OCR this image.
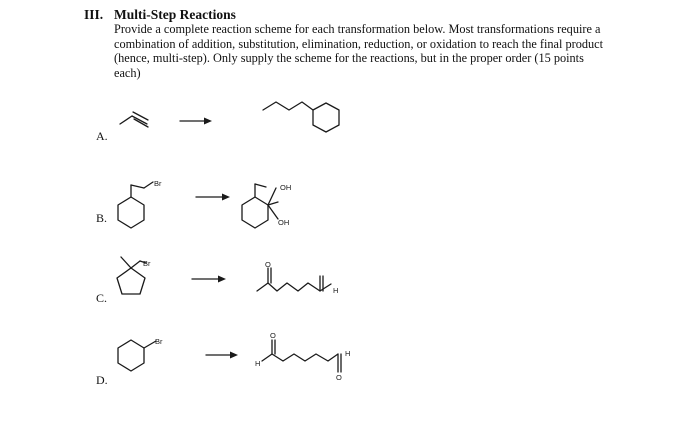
III. Multi-Step Reactions

Provide a complete reaction scheme for each transformation below. Most transformations require a combination of addition, substitution, elimination, reduction, or oxidation to reach the final product (hence, multi-step). Only supply the scheme for the reactions, but in the proper order (15 points each)

A.
B.
C.
D.
Br	OH
OH
Br	O
H
Br
H
O
O
H
